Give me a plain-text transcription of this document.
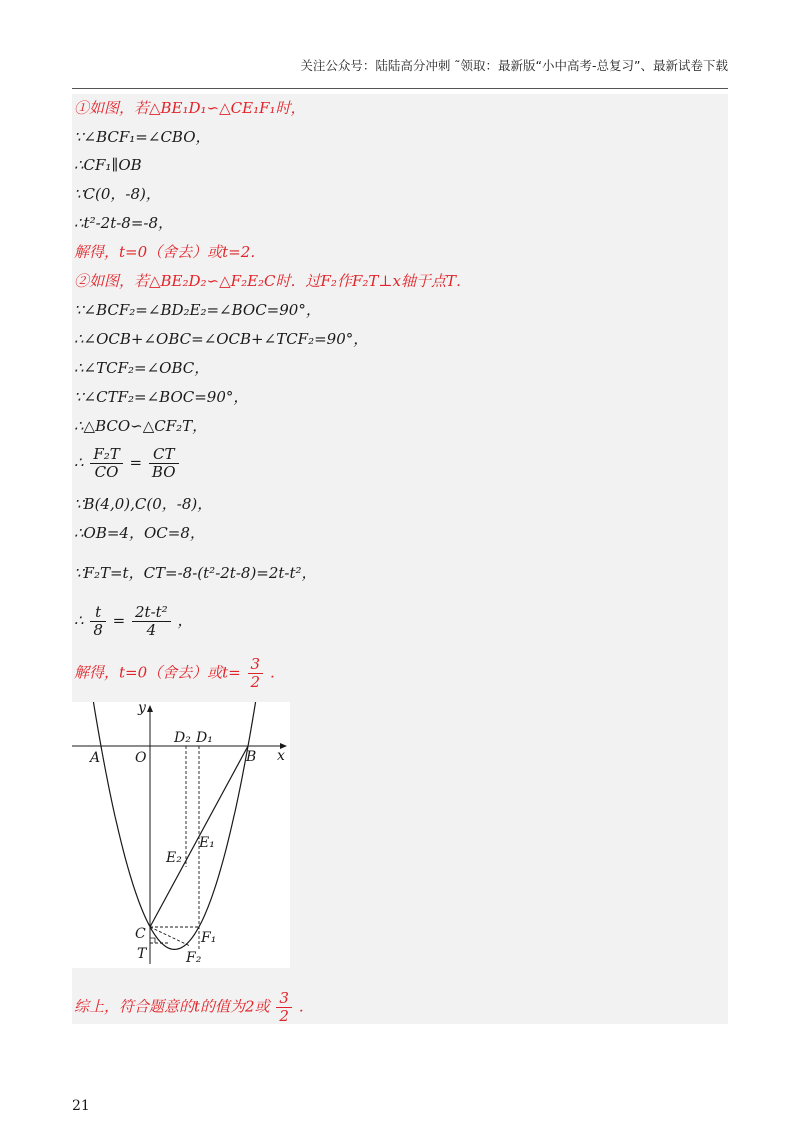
关注公众号：陆陆高分冲刺 ˜领取：最新版“小中高考-总复习”、最新试卷下载
①如图，若△BE₁D₁∽△CE₁F₁时，
∵∠BCF₁=∠CBO，
∴CF₁∥OB
∵C(0，-8)，
∴t²-2t-8=-8，
解得，t=0（舍去）或t=2．
②如图，若△BE₂D₂∽△F₂E₂C时．过F₂作F₂T⊥x轴于点T．
∵∠BCF₂=∠BD₂E₂=∠BOC=90°，
∴∠OCB+∠OBC=∠OCB+∠TCF₂=90°，
∴∠TCF₂=∠OBC，
∵∠CTF₂=∠BOC=90°，
∴△BCO∽△CF₂T，
∴ $\frac{\text{F₂T}}{CO} = \frac{CT}{BO}$
∵B(4,0),C(0，-8)，
∴OB=4，OC=8，
∵F₂T=t，CT=-8-(t²-2t-8)=2t-t²，
∴ $\frac{t}{8} = \frac{\text{2t-t²}}{4}$ ，
解得，t=0（舍去）或$t= \frac{3}{2}$ ．
y
x
A O	B
D₂ D₁
E₁
E₂
C
T
F₁
F₂
综上，符合题意的t的值为2或 $\frac{3}{2}$ ．
21
